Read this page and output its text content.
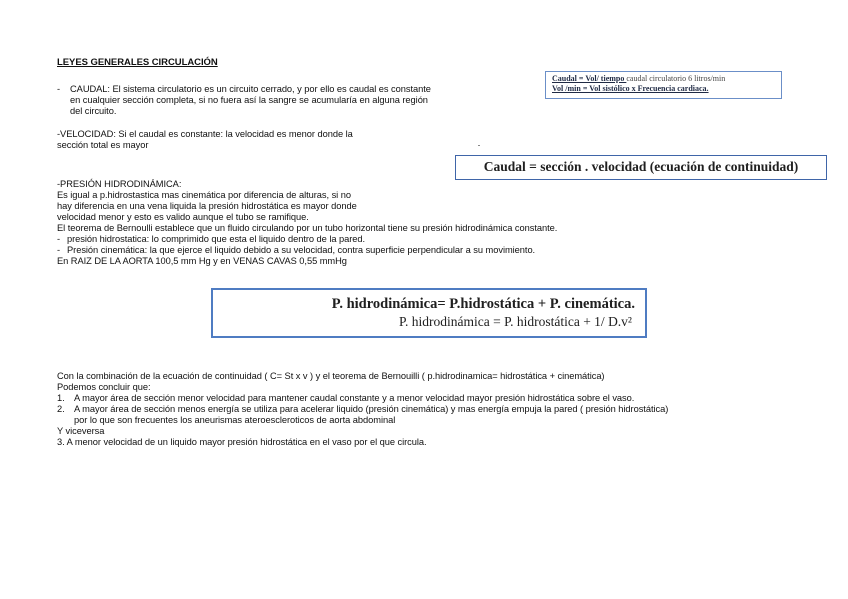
LEYES GENERALES CIRCULACIÓN
- CAUDAL: El sistema circulatorio es un circuito cerrado, y por ello es caudal es constante
en cualquier sección completa, si no fuera así la sangre se acumularía en alguna región
del circuito.
-VELOCIDAD: Si el caudal es constante: la velocidad es menor donde la
sección total es mayor
Caudal = Vol/ tiempo caudal circulatorio 6 litros/min
Vol /min = Vol sistólico x Frecuencia cardiaca.
Caudal = sección . velocidad (ecuación de continuidad)
-PRESIÓN HIDRODINÁMICA:
Es igual a p.hidrostastica mas cinemática por diferencia de alturas, si no
hay diferencia en una vena liquida la presión hidrostática es mayor donde
velocidad menor y esto es valido aunque el tubo se ramifique.
El teorema de Bernoulli establece que un fluido circulando por un tubo horizontal tiene su presión hidrodinámica constante.
- presión hidrostatica: lo comprimido que esta el liquido dentro de la pared.
- Presión cinemática: la que ejerce el liquido debido a su velocidad, contra superficie perpendicular a su movimiento.
En RAIZ DE LA AORTA 100,5 mm Hg y en VENAS CAVAS 0,55 mmHg
P. hidrodinámica= P.hidrostática + P. cinemática.
P. hidrodinámica = P. hidrostática + 1/ D.v²
Con la combinación de la ecuación de continuidad ( C= St x v ) y el teorema de Bernouilli ( p.hidrodinamica= hidrostática + cinemática)
Podemos concluir que:
1. A mayor área de sección menor velocidad para mantener caudal constante y a menor velocidad mayor presión hidrostática sobre el vaso.
2. A mayor área de sección menos energía se utiliza para acelerar liquido (presión cinemática) y mas energía empuja la pared ( presión hidrostática)
por lo que son frecuentes los aneurismas ateroescleroticos de aorta abdominal
Y viceversa
3. A menor velocidad de un liquido mayor presión hidrostática en el vaso por el que circula.
